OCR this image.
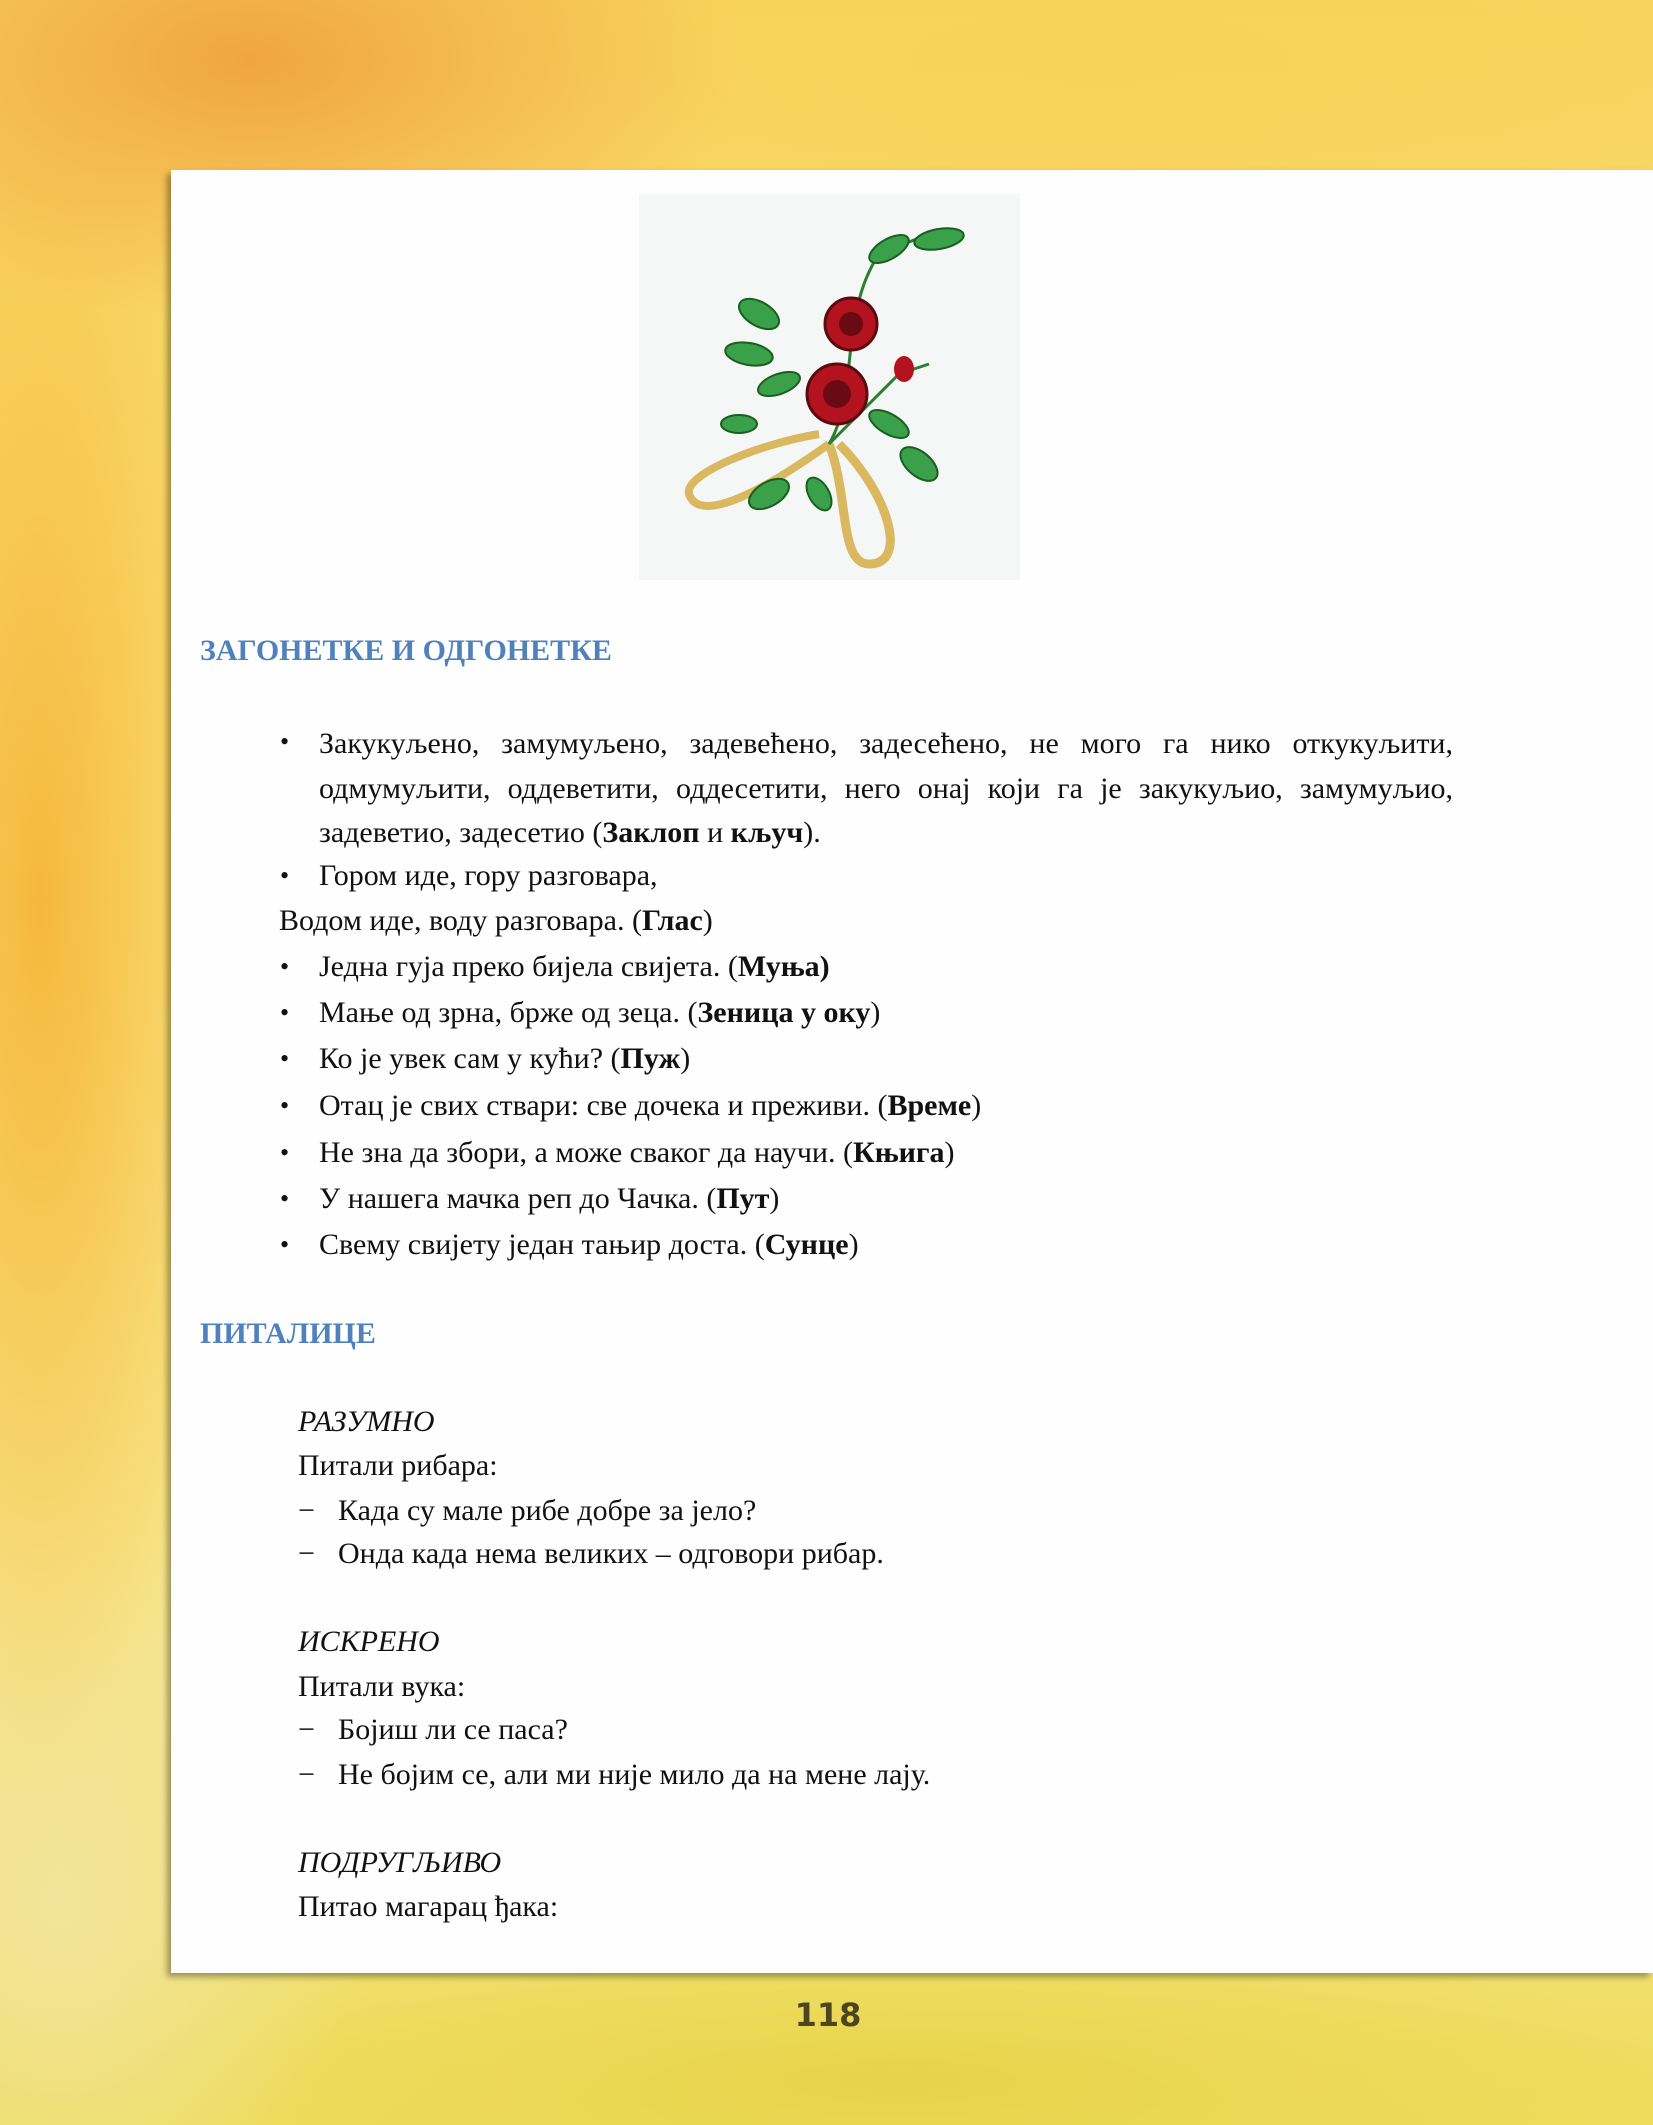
ЗАГОНЕТКЕ И ОДГОНЕТКЕ
• Закукуљено, замумуљено, задевећено, задесећено, не мого га нико откукуљити, одмумуљити, оддеветити, оддесетити, него онај који га је закукуљио, замумуљио, задеветио, задесетио (Заклоп и кључ).

• Гором иде, гору разговара,
Водом иде, воду разговара. (Глас)
• Једна гуја преко бијела свијета. (Муња)
• Мање од зрна, брже од зеца. (Зеница у оку)
• Ко је увек сам у кући? (Пуж)
• Отац је свих ствари: све дочека и преживи. (Време)
• Не зна да збори, а може сваког да научи. (Књига)
• У нашега мачка реп до Чачка. (Пут)
• Свему свијету један тањир доста. (Сунце)
ПИТАЛИЦЕ
РАЗУМНО
Питали рибара:
− Када су мале рибе добре за јело?
− Онда када нема великих – одговори рибар.
ИСКРЕНО
Питали вука:
− Бојиш ли се паса?
− Не бојим се, али ми није мило да на мене лају.
ПОДРУГЉИВО
Питао магарац ђака:
118
